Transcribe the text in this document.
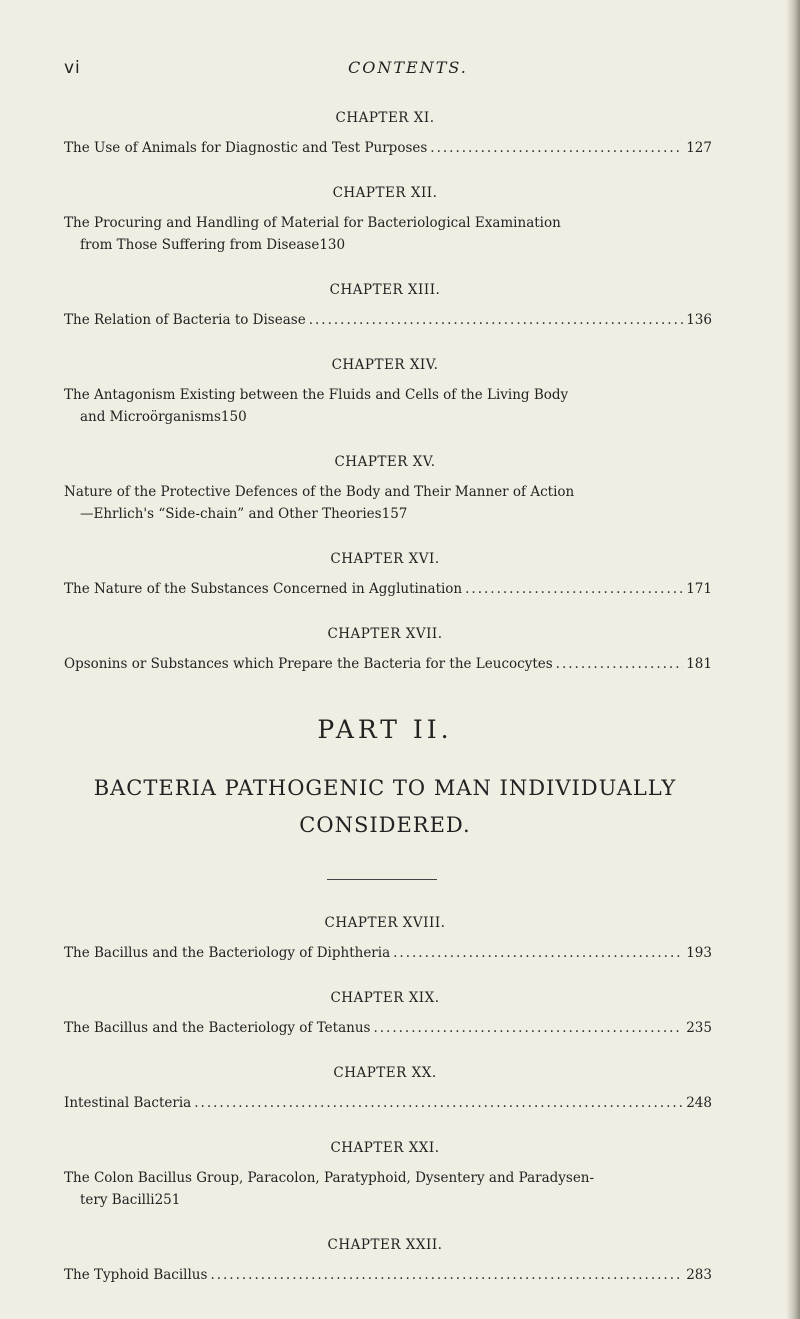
vi	CONTENTS.
CHAPTER XI.
The Use of Animals for Diagnostic and Test Purposes .....	127
CHAPTER XII.
The Procuring and Handling of Material for Bacteriological Examination
from Those Suffering from Disease 130
CHAPTER XIII.
The Relation of Bacteria to Disease .....	136
CHAPTER XIV.
The Antagonism Existing between the Fluids and Cells of the Living Body
and Microörganisms 150
CHAPTER XV.
Nature of the Protective Defences of the Body and Their Manner of Action
—Ehrlich's “Side-chain” and Other Theories 157
CHAPTER XVI.
The Nature of the Substances Concerned in Agglutination .....	171
CHAPTER XVII.
Opsonins or Substances which Prepare the Bacteria for the Leucocytes .....	181
PART II.
BACTERIA PATHOGENIC TO MAN INDIVIDUALLY
CONSIDERED.
CHAPTER XVIII.
The Bacillus and the Bacteriology of Diphtheria .....	193
CHAPTER XIX.
The Bacillus and the Bacteriology of Tetanus .....	235
CHAPTER XX.
Intestinal Bacteria .....	248
CHAPTER XXI.
The Colon Bacillus Group, Paracolon, Paratyphoid, Dysentery and Paradysen-
tery Bacilli 251
CHAPTER XXII.
The Typhoid Bacillus .....	283
